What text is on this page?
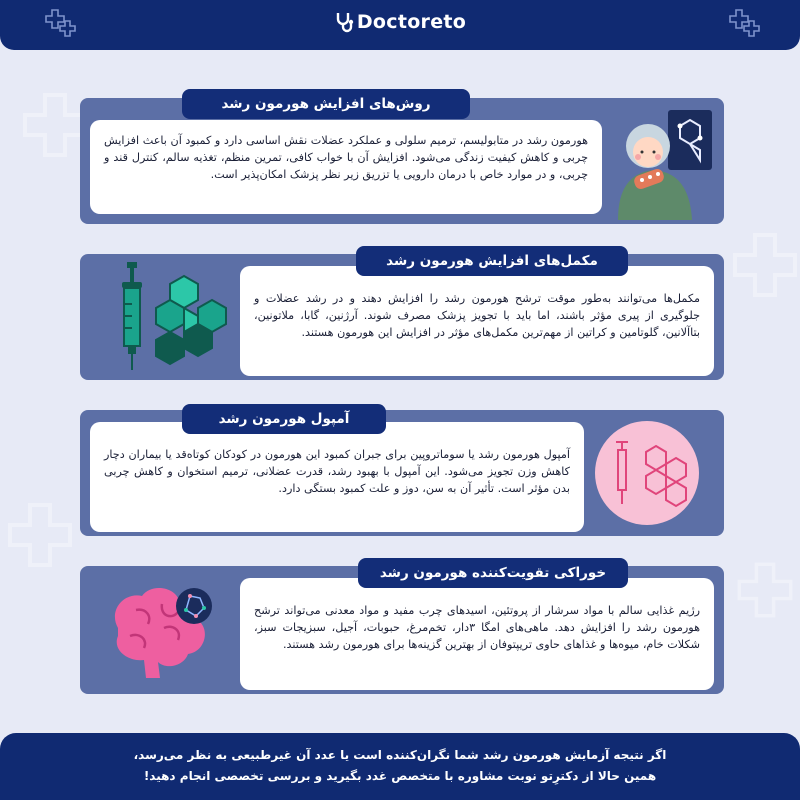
Doctoreto
هورمون رشد در متابولیسم، ترمیم سلولی و عملکرد عضلات نقش اساسی دارد و کمبود آن باعث افزایش چربی و کاهش کیفیت زندگی می‌شود. افزایش آن با خواب کافی، تمرین منظم، تغذیه سالم، کنترل قند و چربی، و در موارد خاص با درمان دارویی یا تزریق زیر نظر پزشک امکان‌پذیر است.
روش‌های افزایش هورمون رشد
مکمل‌ها می‌توانند به‌طور موقت ترشح هورمون رشد را افزایش دهند و در رشد عضلات و جلوگیری از پیری مؤثر باشند، اما باید با تجویز پزشک مصرف شوند. آرژنین، گابا، ملاتونین، بتاآلانین، گلوتامین و کراتین از مهم‌ترین مکمل‌های مؤثر در افزایش این هورمون هستند.
مکمل‌های افزایش هورمون رشد
آمپول هورمون رشد یا سوماتروپین برای جبران کمبود این هورمون در کودکان کوتاه‌قد یا بیماران دچار کاهش وزن تجویز می‌شود. این آمپول با بهبود رشد، قدرت عضلانی، ترمیم استخوان و کاهش چربی بدن مؤثر است. تأثیر آن به سن، دوز و علت کمبود بستگی دارد.
آمپول هورمون رشد
رژیم غذایی سالم با مواد سرشار از پروتئین، اسیدهای چرب مفید و مواد معدنی می‌تواند ترشح هورمون رشد را افزایش دهد. ماهی‌های امگا ۳دار، تخم‌مرغ، حبوبات، آجیل، سبزیجات سبز، شکلات خام، میوه‌ها و غذاهای حاوی تریپتوفان از بهترین گزینه‌ها برای هورمون رشد هستند.
خوراکی تقویت‌کننده هورمون رشد

اگر نتیجه آزمایش هورمون رشد شما نگران‌کننده است یا عدد آن غیرطبیعی به نظر می‌رسد،

همین حالا از دکترِتو نوبت مشاوره با متخصص غدد بگیرید و بررسی تخصصی انجام دهید!
